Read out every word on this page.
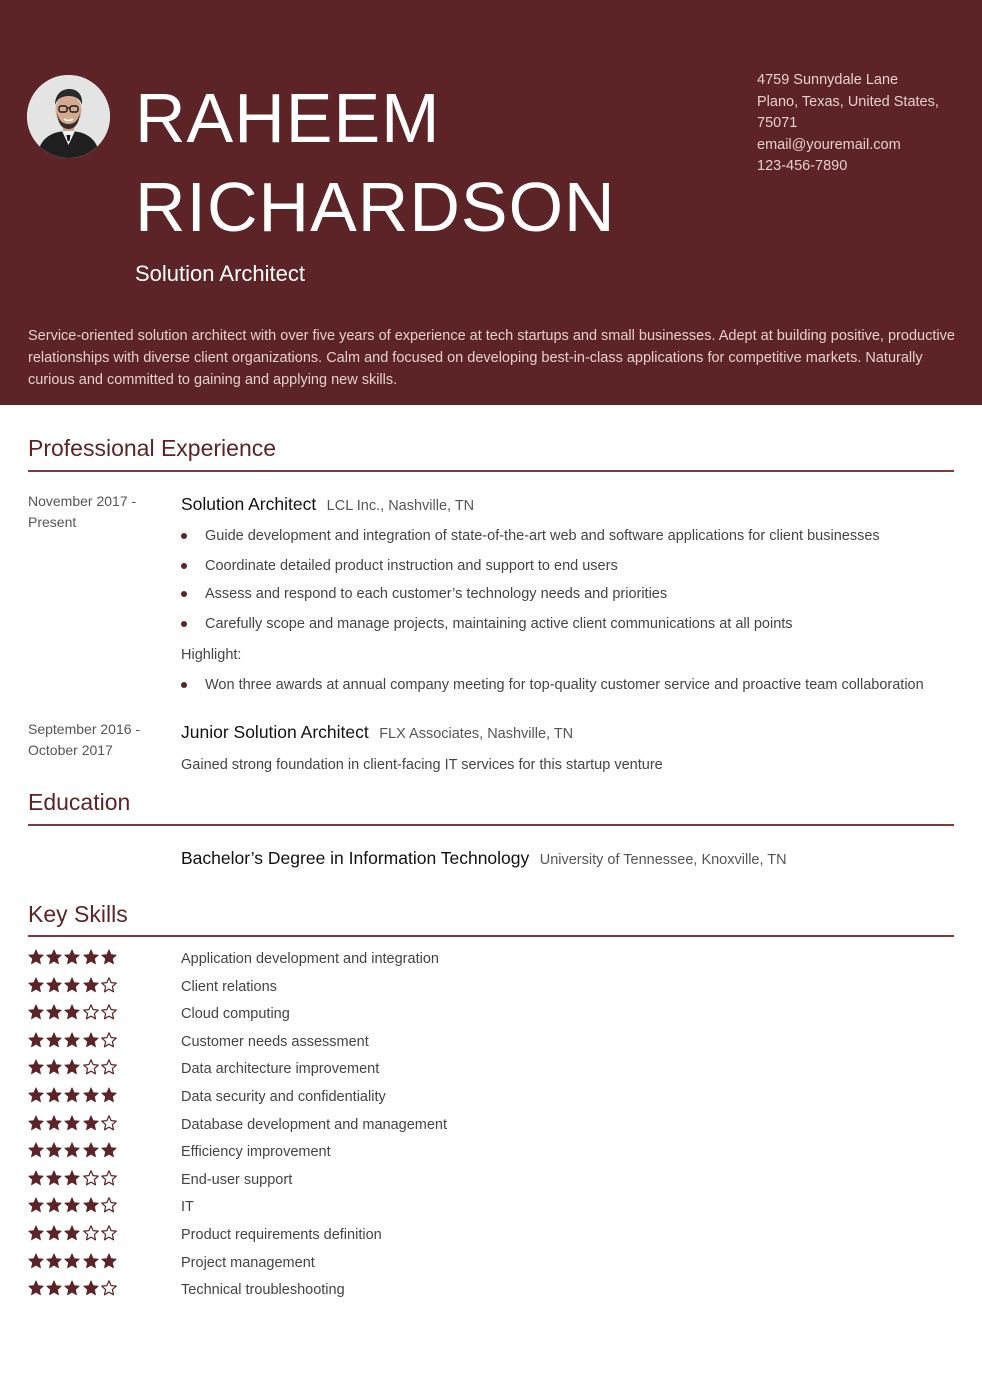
RAHEEM
RICHARDSON
Solution Architect
4759 Sunnydale Lane
Plano, Texas, United States,
75071
email@youremail.com
123-456-7890
Service-oriented solution architect with over five years of experience at tech startups and small businesses. Adept at building positive, productive relationships with diverse client organizations. Calm and focused on developing best-in-class applications for competitive markets. Naturally curious and committed to gaining and applying new skills.
Professional Experience
November 2017 -
Present
Solution Architect LCL Inc., Nashville, TN
Guide development and integration of state-of-the-art web and software applications for client businesses
Coordinate detailed product instruction and support to end users
Assess and respond to each customer’s technology needs and priorities
Carefully scope and manage projects, maintaining active client communications at all points
Highlight:
Won three awards at annual company meeting for top-quality customer service and proactive team collaboration
September 2016 -
October 2017
Junior Solution Architect FLX Associates, Nashville, TN
Gained strong foundation in client-facing IT services for this startup venture
Education
Bachelor’s Degree in Information Technology University of Tennessee, Knoxville, TN
Key Skills
Application development and integration
Client relations
Cloud computing
Customer needs assessment
Data architecture improvement
Data security and confidentiality
Database development and management
Efficiency improvement
End-user support
IT
Product requirements definition
Project management
Technical troubleshooting
